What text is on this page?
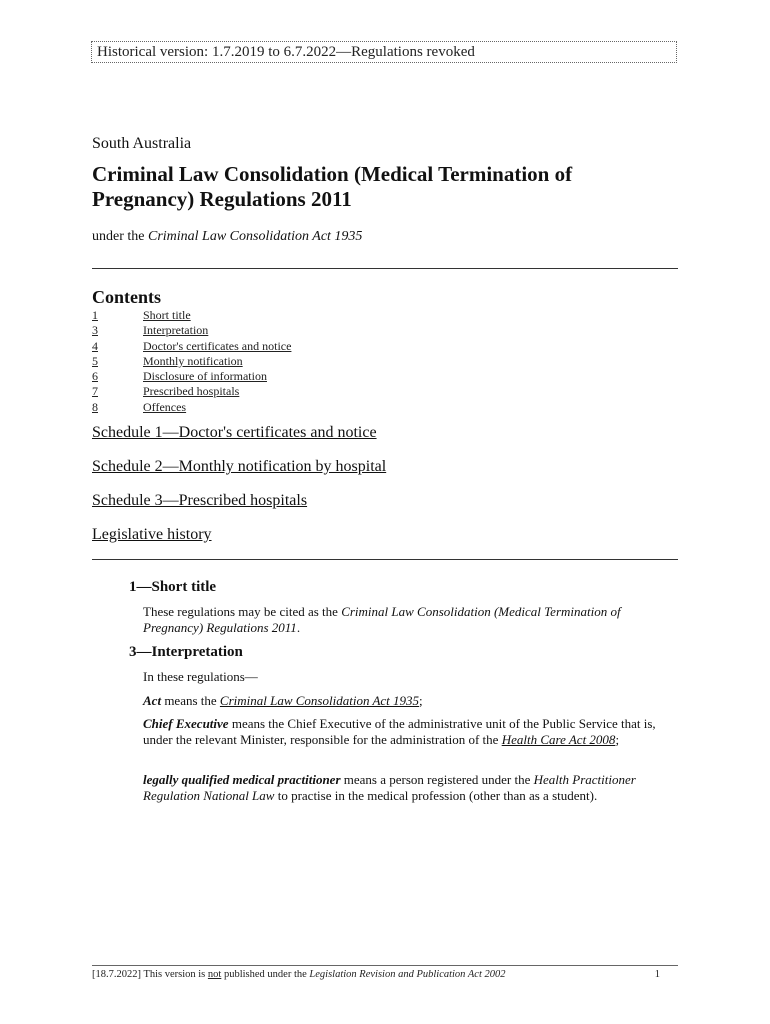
Historical version: 1.7.2019 to 6.7.2022—Regulations revoked
South Australia
Criminal Law Consolidation (Medical Termination of Pregnancy) Regulations 2011
under the Criminal Law Consolidation Act 1935
Contents
1	Short title
3	Interpretation
4	Doctor's certificates and notice
5	Monthly notification
6	Disclosure of information
7	Prescribed hospitals
8	Offences
Schedule 1—Doctor's certificates and notice
Schedule 2—Monthly notification by hospital
Schedule 3—Prescribed hospitals
Legislative history
1—Short title
These regulations may be cited as the Criminal Law Consolidation (Medical Termination of Pregnancy) Regulations 2011.
3—Interpretation
In these regulations—
Act means the Criminal Law Consolidation Act 1935;
Chief Executive means the Chief Executive of the administrative unit of the Public Service that is, under the relevant Minister, responsible for the administration of the Health Care Act 2008;
legally qualified medical practitioner means a person registered under the Health Practitioner Regulation National Law to practise in the medical profession (other than as a student).
[18.7.2022] This version is not published under the Legislation Revision and Publication Act 2002	1
